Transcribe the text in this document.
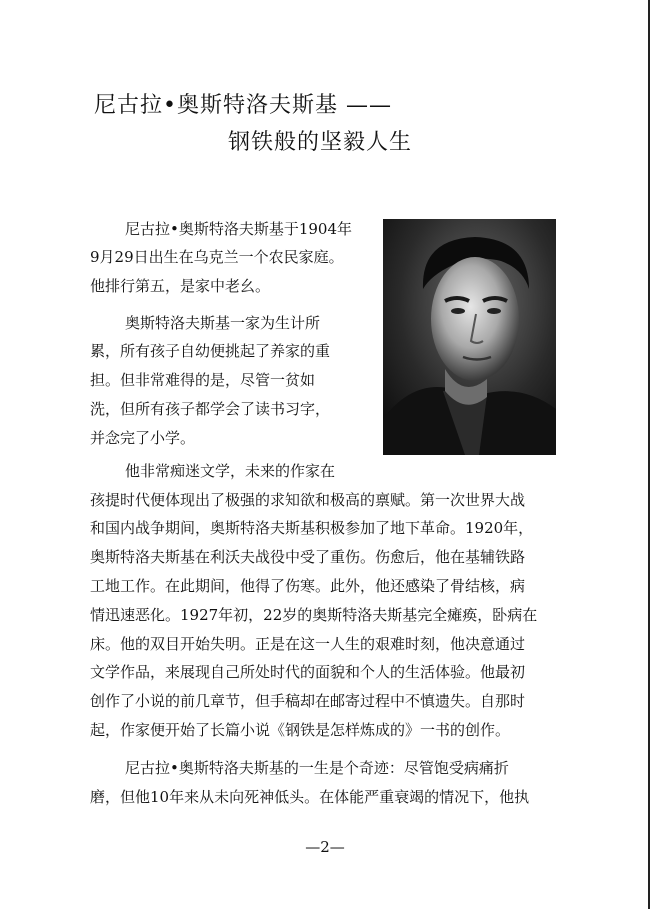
尼古拉•奥斯特洛夫斯基 ——
钢铁般的坚毅人生
尼古拉•奥斯特洛夫斯基于1904年
9月29日出生在乌克兰一个农民家庭。
他排行第五，是家中老幺。
奥斯特洛夫斯基一家为生计所
累，所有孩子自幼便挑起了养家的重
担。但非常难得的是，尽管一贫如
洗，但所有孩子都学会了读书习字，
并念完了小学。
他非常痴迷文学，未来的作家在
孩提时代便体现出了极强的求知欲和极高的禀赋。第一次世界大战
和国内战争期间，奥斯特洛夫斯基积极参加了地下革命。1920年，
奥斯特洛夫斯基在利沃夫战役中受了重伤。伤愈后，他在基辅铁路
工地工作。在此期间，他得了伤寒。此外，他还感染了骨结核，病
情迅速恶化。1927年初，22岁的奥斯特洛夫斯基完全瘫痪，卧病在
床。他的双目开始失明。正是在这一人生的艰难时刻，他决意通过
文学作品，来展现自己所处时代的面貌和个人的生活体验。他最初
创作了小说的前几章节，但手稿却在邮寄过程中不慎遗失。自那时
起，作家便开始了长篇小说《钢铁是怎样炼成的》一书的创作。
尼古拉•奥斯特洛夫斯基的一生是个奇迹：尽管饱受病痛折
磨，但他10年来从未向死神低头。在体能严重衰竭的情况下，他执
—2—
